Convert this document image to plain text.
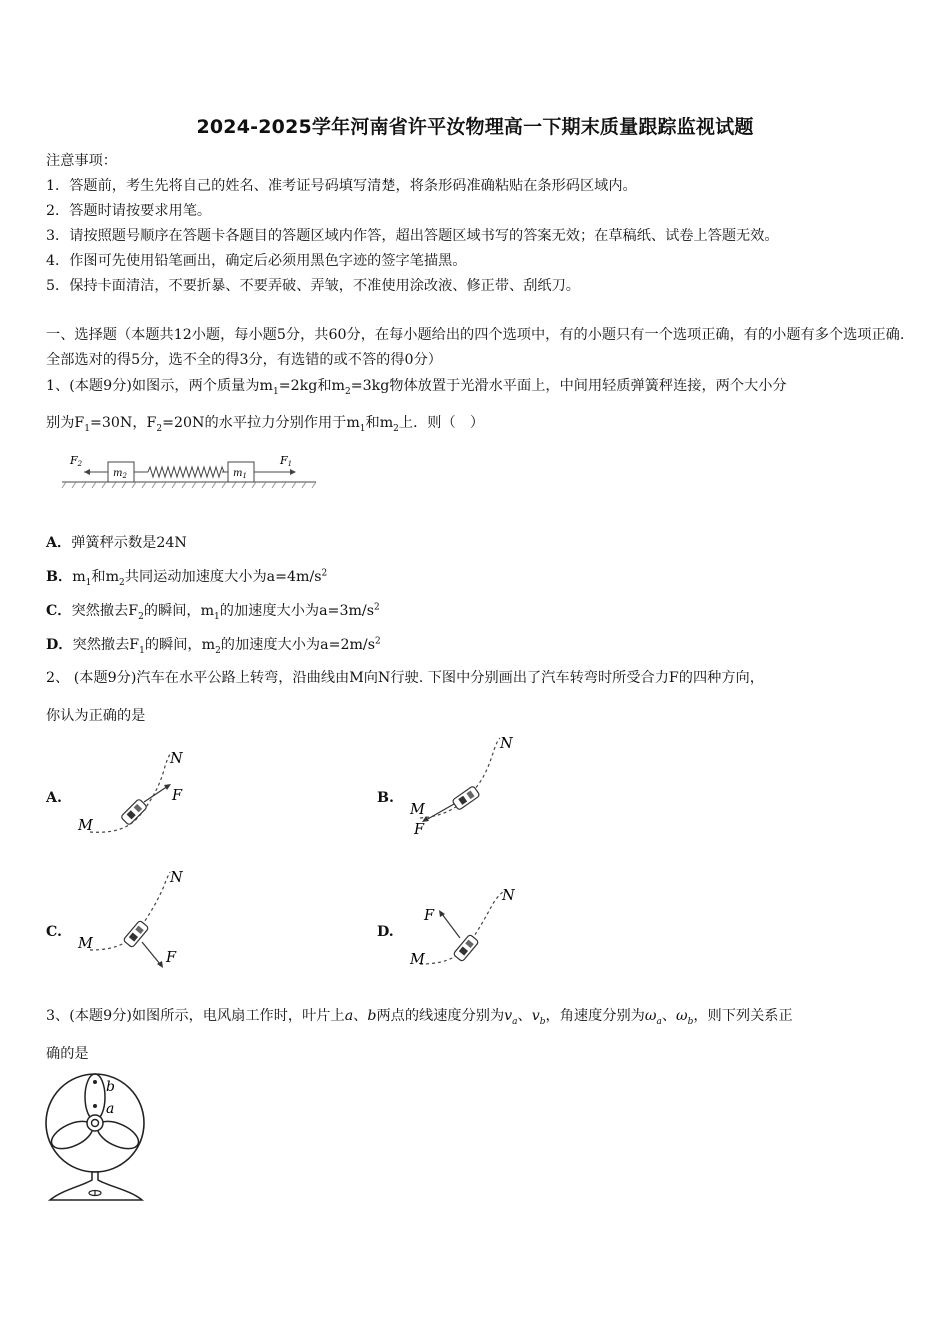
2024-2025学年河南省许平汝物理高一下期末质量跟踪监视试题
注意事项：
1．答题前，考生先将自己的姓名、准考证号码填写清楚，将条形码准确粘贴在条形码区域内。
2．答题时请按要求用笔。
3．请按照题号顺序在答题卡各题目的答题区域内作答，超出答题区域书写的答案无效；在草稿纸、试卷上答题无效。
4．作图可先使用铅笔画出，确定后必须用黑色字迹的签字笔描黑。
5．保持卡面清洁，不要折暴、不要弄破、弄皱，不准使用涂改液、修正带、刮纸刀。
一、选择题（本题共12小题，每小题5分，共60分，在每小题给出的四个选项中，有的小题只有一个选项正确，有的小题有多个选项正确.全部选对的得5分，选不全的得3分，有选错的或不答的得0分）
1、(本题9分)如图示，两个质量为$m_1=2kg$和$m_2=3kg$物体放置于光滑水平面上，中间用轻质弹簧秤连接，两个大小分
别为$F_1=30N$，$F_2=20N$的水平拉力分别作用于$m_1$和$m_2$上．则（　）
F2
$m_2$	$m_1$
F1
A．弹簧秤示数是24N
B．$m_1$和$m_2$共同运动加速度大小为$a=4m/s^2$
C．突然撤去$F_2$的瞬间，$m_1$的加速度大小为$a=3m/s^2$
D．突然撤去$F_1$的瞬间，$m_2$的加速度大小为$a=2m/s^2$
2、 (本题9分)汽车在水平公路上转弯，沿曲线由M向N行驶. 下图中分别画出了汽车转弯时所受合力F的四种方向，
你认为正确的是
A.
M
N
F	B.
M
N
F
C.
M
N
F
D.
M
N
F
3、(本题9分)如图所示，电风扇工作时，叶片上a、b两点的线速度分别为$v_a$、$v_b$，角速度分别为$\omega_a$、$\omega_b$，则下列关系正
确的是
b
a
